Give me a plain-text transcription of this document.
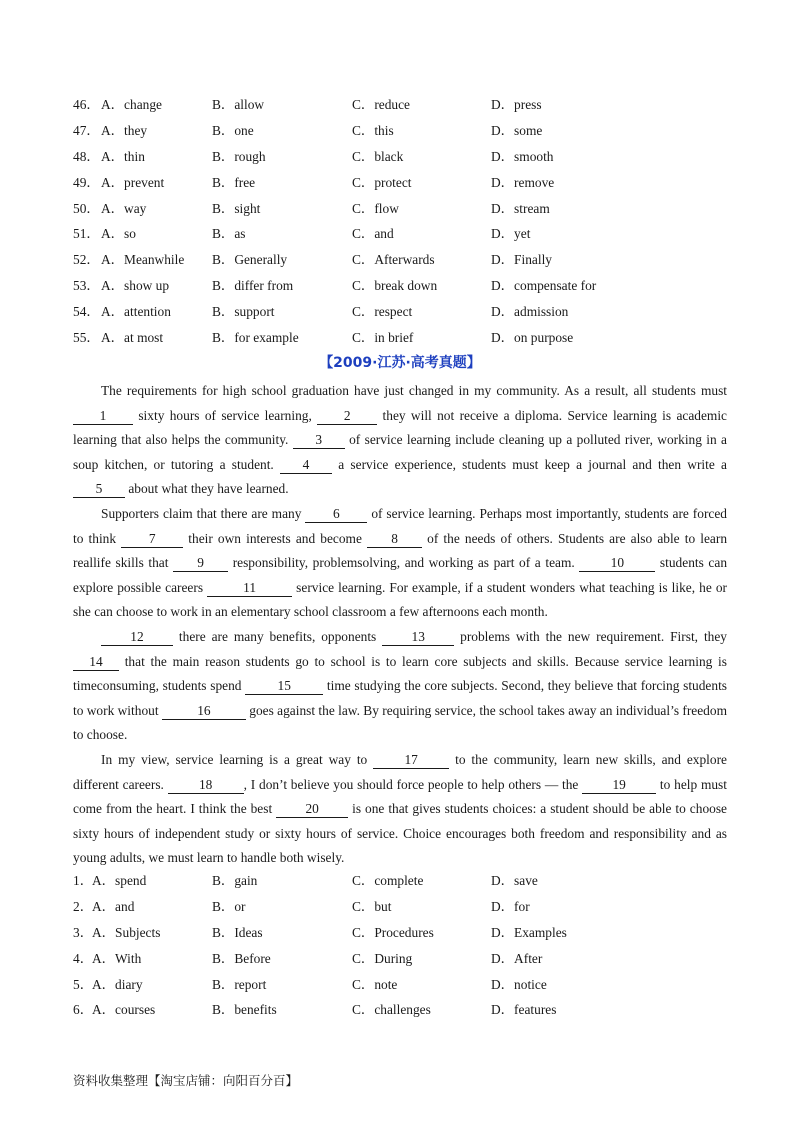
46． A．change	B．allow	C．reduce	D．press
47． A．they	B．one	C．this	D．some
48． A．thin	B．rough	C．black	D．smooth
49． A．prevent	B．free	C．protect	D．remove
50． A．way	B．sight	C．flow	D．stream
51． A．so	B．as	C．and	D．yet
52． A．Meanwhile B．Generally	C．Afterwards	D．Finally
53． A．show up	B．differ from	C．break down	D．compensate for
54． A．attention	B．support	C．respect	D．admission
55． A．at most	B．for example	C．in brief	D．on purpose
【2009·江苏·高考真题】

The requirements for high school graduation have just changed in my community. As a result, all students must 1 sixty hours of service learning, 2 they will not receive a diploma. Service learning is academic learning that also helps the community. 3 of service learning include cleaning up a polluted river, working in a soup kitchen, or tutoring a student. 4 a service experience, students must keep a journal and then write a 5 about what they have learned.

Supporters claim that there are many 6 of service learning. Perhaps most importantly, students are forced to think 7 their own interests and become 8 of the needs of others. Students are also able to learn reallife skills that 9 responsibility, problemsolving, and working as part of a team. 10 students can explore possible careers	11	service learning. For example, if a student wonders what teaching is like, he or she can choose to work in an elementary school classroom a few afternoons each month.

12 there are many benefits, opponents 13 problems with the new requirement. First, they 14 that the main reason students go to school is to learn core subjects and skills. Because service learning is timeconsuming, students spend 15 time studying the core subjects. Second, they believe that forcing students to work without	16	goes against the law. By requiring service, the school takes away an individual’s freedom to choose.

In my view, service learning is a great way to 17 to the community, learn new skills, and explore different careers. 18 , I don’t believe you should force people to help others — the 19 to help must come from the heart. I think the best 20 is one that gives students choices: a student should be able to choose sixty hours of independent study or sixty hours of service. Choice encourages both freedom and responsibility and as young adults, we must learn to handle both wisely.

1．
A．spend	B．gain	C．complete	D．save
2．
A．and	B．or	C．but	D．for
3．
A．Subjects	B．Ideas	C．Procedures	D．Examples
4．
A．With	B．Before	C．During	D．After
5．
A．diary	B．report	C．note	D．notice
6．
A．courses	B．benefits	C．challenges	D．features
资料收集整理【淘宝店铺：向阳百分百】
